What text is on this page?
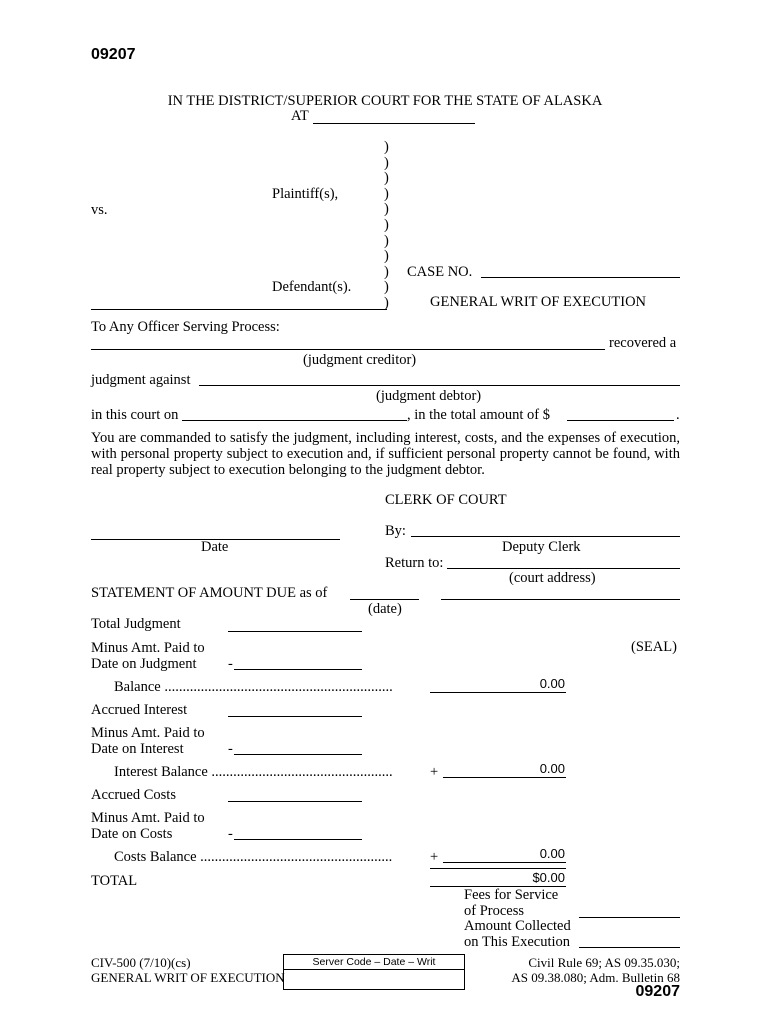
09207
IN THE DISTRICT/SUPERIOR COURT FOR THE STATE OF ALASKA
AT
)
)
)
)
)
)
)
)
)
)
)
Plaintiff(s),
vs.
Defendant(s).
CASE NO.
GENERAL WRIT OF EXECUTION
To Any Officer Serving Process:
recovered a
(judgment creditor)
judgment against
(judgment debtor)
in this court on	, in the total amount of $	.
You are commanded to satisfy the judgment, including interest, costs, and the expenses of execution, with personal property subject to execution and, if sufficient personal property cannot be found, with real property subject to execution belonging to the judgment debtor.
CLERK OF COURT
By:
Date	Deputy Clerk
Return to:
(court address)
STATEMENT OF AMOUNT DUE as of
(date)
(SEAL)
Total Judgment
Minus Amt. Paid to
Date on Judgment -
Balance ...............................................................	0.00
Accrued Interest
Minus Amt. Paid to
Date on Interest	-
Interest Balance ..................................................	+	0.00
Accrued Costs
Minus Amt. Paid to
Date on Costs	-
Costs Balance .....................................................	+	0.00
TOTAL	$0.00
Fees for Service
of Process
Amount Collected
on This Execution
CIV-500 (7/10)(cs)
GENERAL WRIT OF EXECUTION
Server Code – Date – Writ	Civil Rule 69; AS 09.35.030;
AS 09.38.080; Adm. Bulletin 68
09207
